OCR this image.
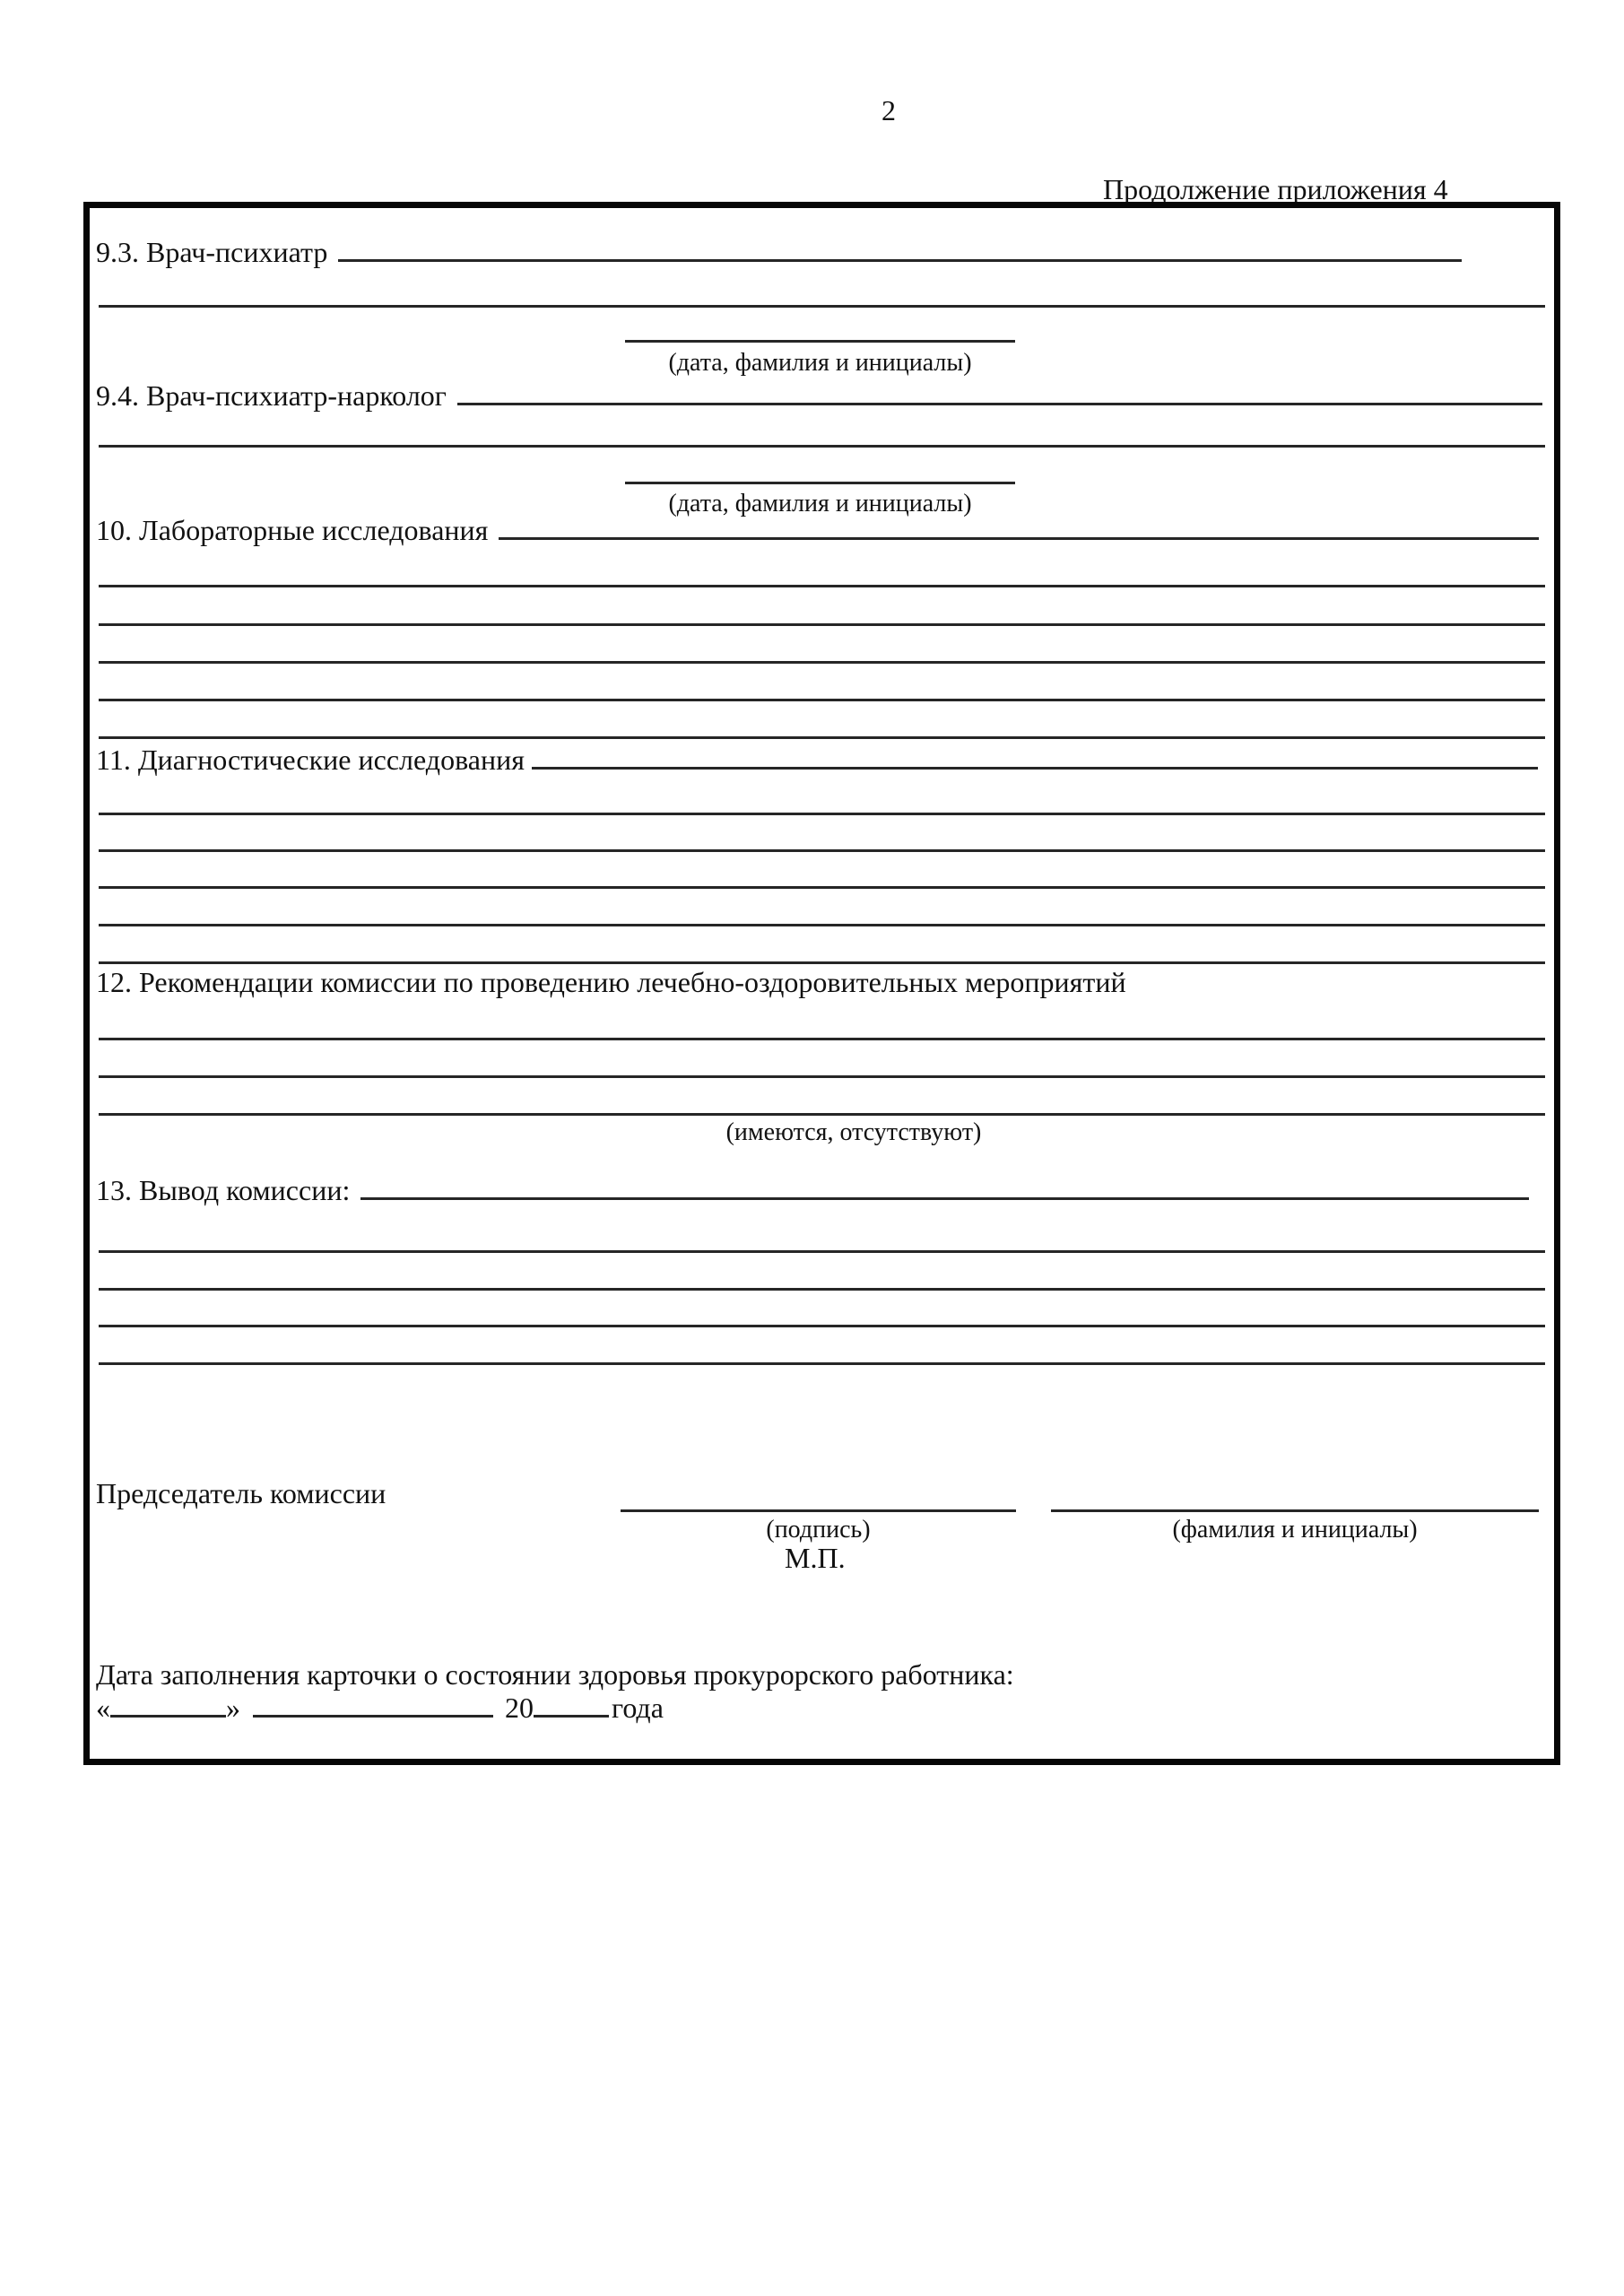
2
Продолжение приложения 4
9.3. Врач-психиатр
(дата, фамилия и инициалы)
9.4. Врач-психиатр-нарколог
(дата, фамилия и инициалы)
10. Лабораторные исследования
11. Диагностические исследования
12. Рекомендации комиссии по проведению лечебно-оздоровительных мероприятий
(имеются, отсутствуют)
13. Вывод комиссии:
Председатель комиссии
(подпись)	(фамилия и инициалы)
М.П.
Дата заполнения карточки о состоянии здоровья прокурорского работника:
«	»	20	года
